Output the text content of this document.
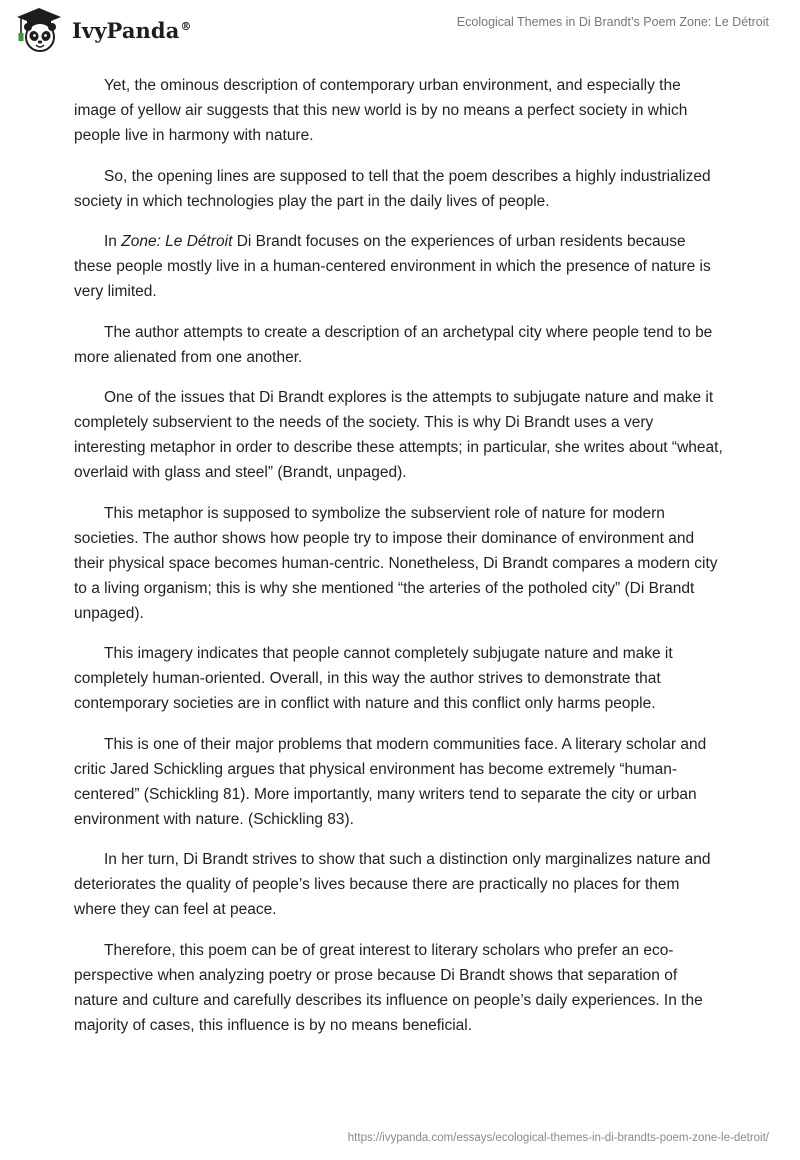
IvyPanda®	Ecological Themes in Di Brandt’s Poem Zone: Le Détroit

Yet, the ominous description of contemporary urban environment, and especially the image of yellow air suggests that this new world is by no means a perfect society in which people live in harmony with nature.

So, the opening lines are supposed to tell that the poem describes a highly industrialized society in which technologies play the part in the daily lives of people.

In Zone: Le Détroit Di Brandt focuses on the experiences of urban residents because these people mostly live in a human-centered environment in which the presence of nature is very limited.

The author attempts to create a description of an archetypal city where people tend to be more alienated from one another.

One of the issues that Di Brandt explores is the attempts to subjugate nature and make it completely subservient to the needs of the society. This is why Di Brandt uses a very interesting metaphor in order to describe these attempts; in particular, she writes about “wheat, overlaid with glass and steel” (Brandt, unpaged).

This metaphor is supposed to symbolize the subservient role of nature for modern societies. The author shows how people try to impose their dominance of environment and their physical space becomes human-centric. Nonetheless, Di Brandt compares a modern city to a living organism; this is why she mentioned “the arteries of the potholed city” (Di Brandt unpaged).

This imagery indicates that people cannot completely subjugate nature and make it completely human-oriented. Overall, in this way the author strives to demonstrate that contemporary societies are in conflict with nature and this conflict only harms people.

This is one of their major problems that modern communities face. A literary scholar and critic Jared Schickling argues that physical environment has become extremely “human-centered” (Schickling 81). More importantly, many writers tend to separate the city or urban environment with nature. (Schickling 83).

In her turn, Di Brandt strives to show that such a distinction only marginalizes nature and deteriorates the quality of people’s lives because there are practically no places for them where they can feel at peace.

Therefore, this poem can be of great interest to literary scholars who prefer an eco-perspective when analyzing poetry or prose because Di Brandt shows that separation of nature and culture and carefully describes its influence on people’s daily experiences. In the majority of cases, this influence is by no means beneficial.

https://ivypanda.com/essays/ecological-themes-in-di-brandts-poem-zone-le-detroit/
